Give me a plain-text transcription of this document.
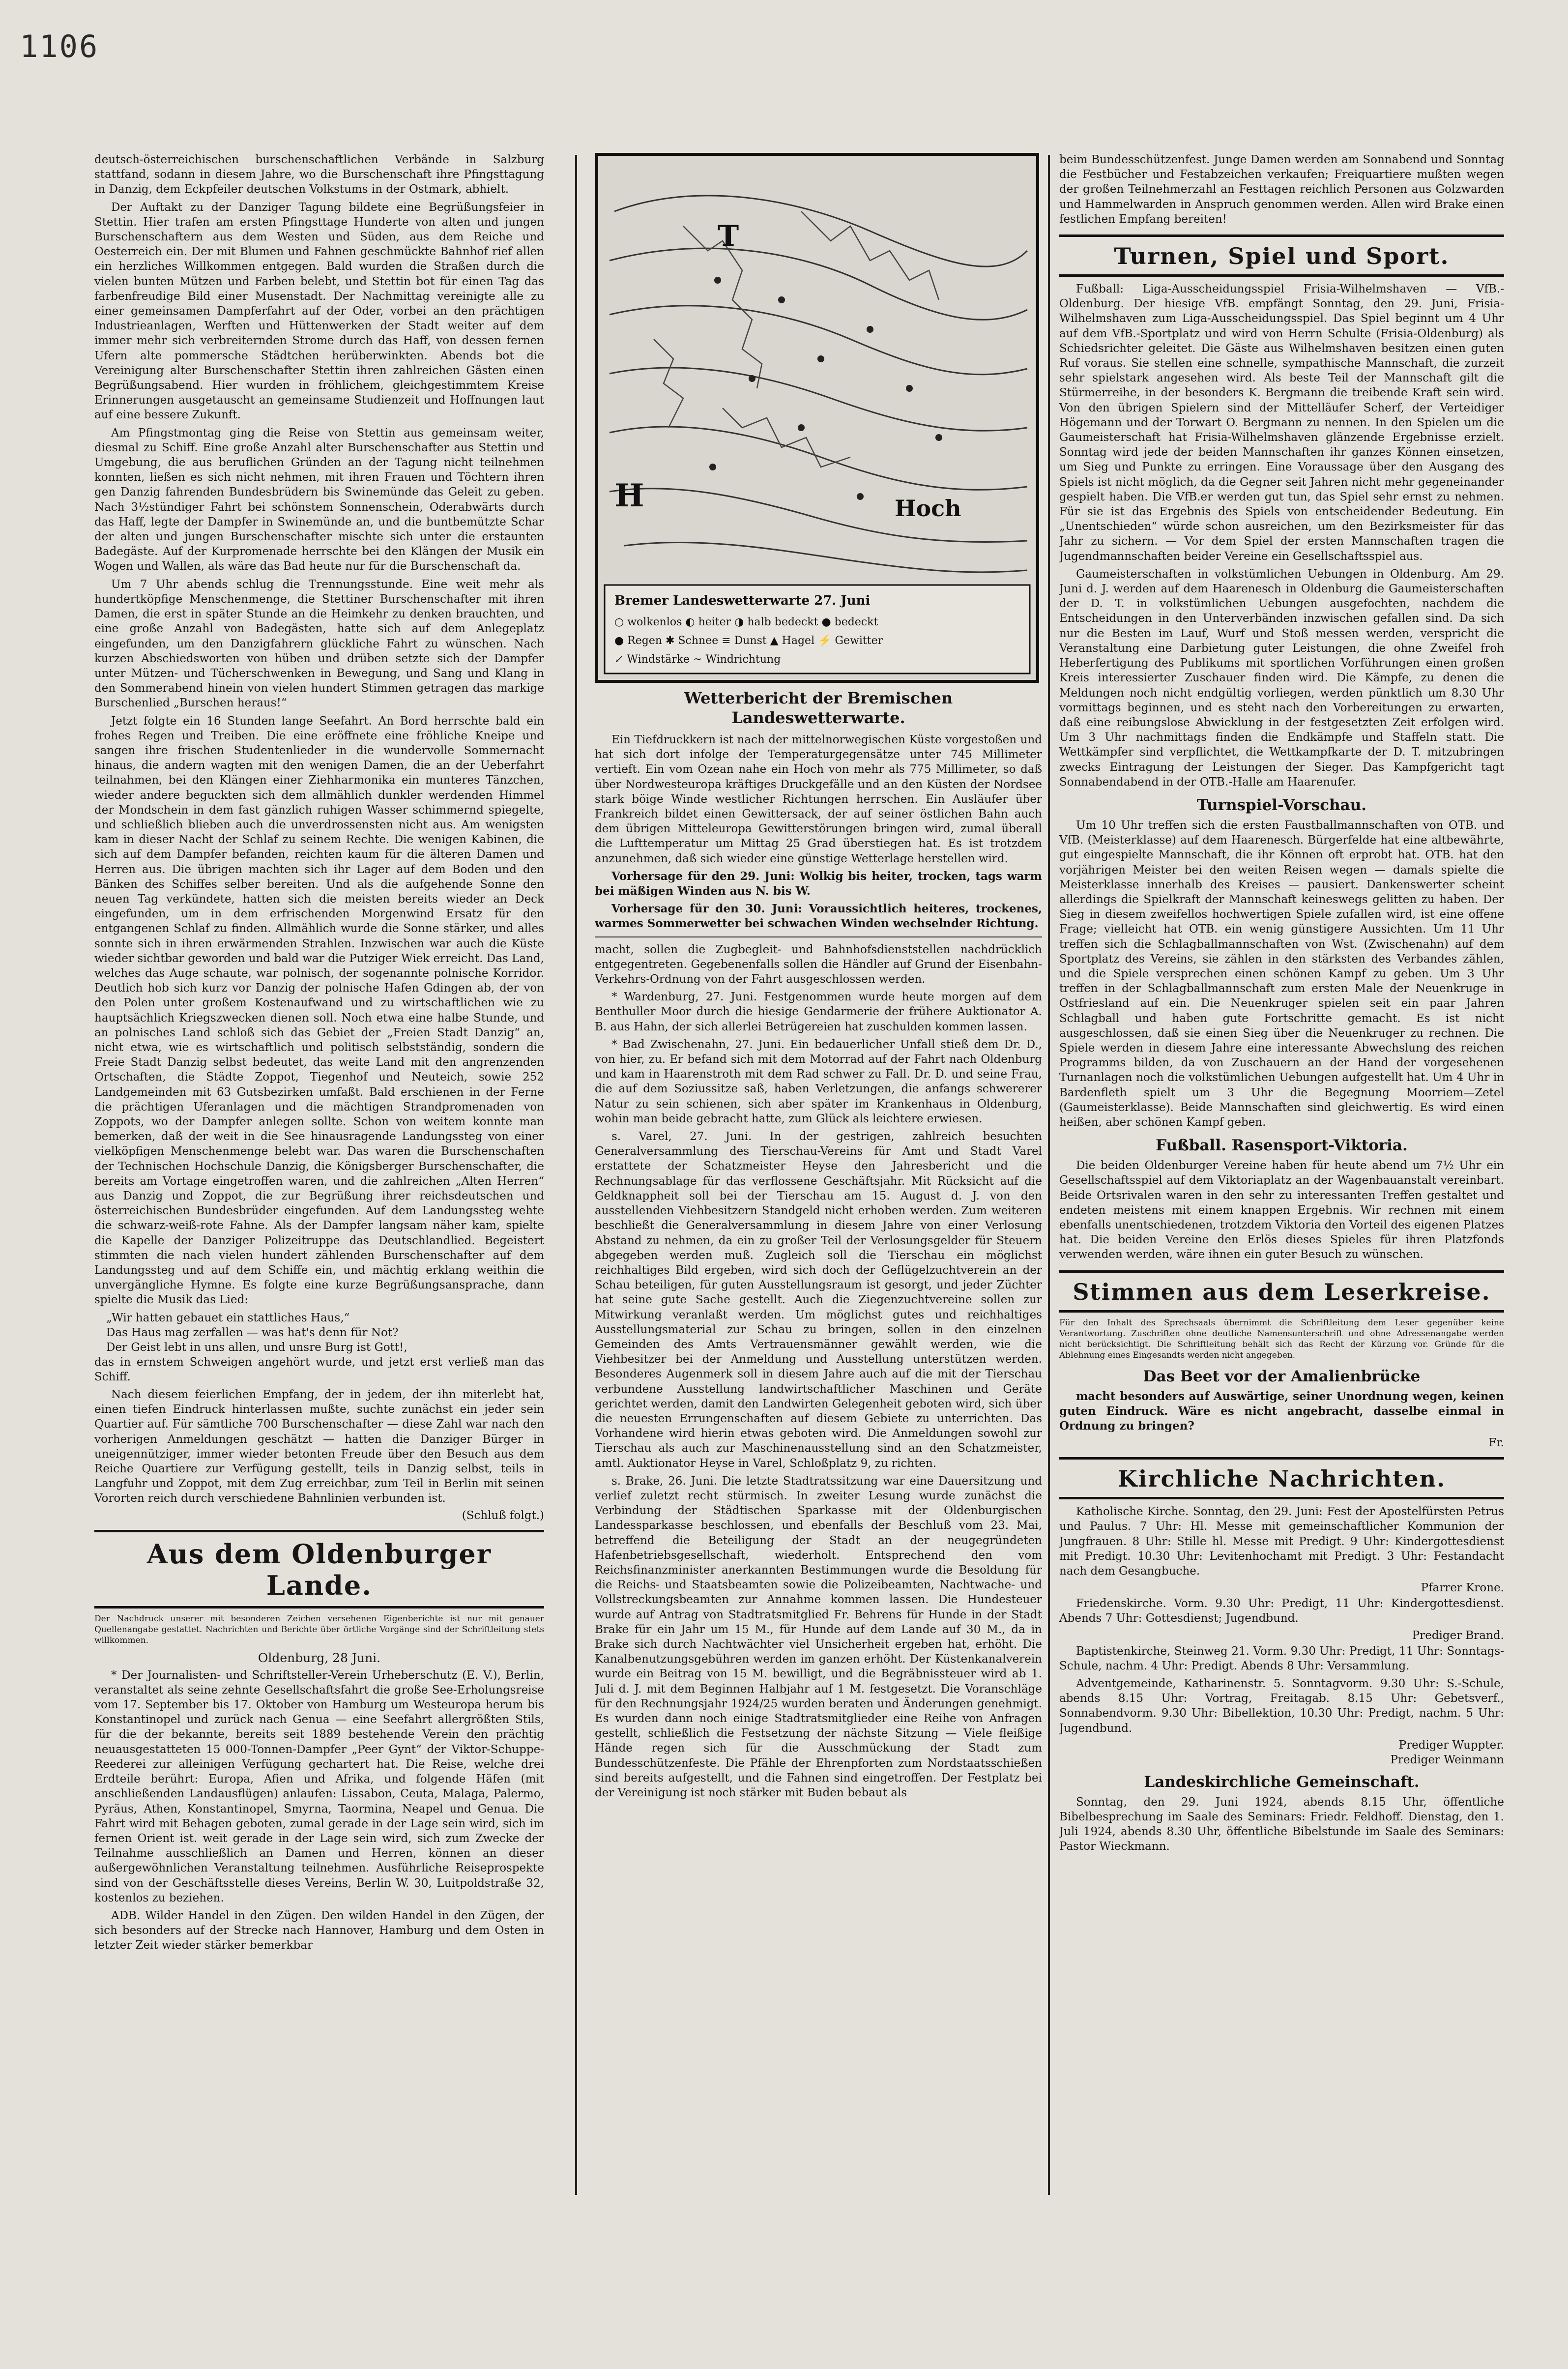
1106

deutsch-österreichischen burschenschaftlichen Verbände in Salzburg stattfand, sodann in diesem Jahre, wo die Burschenschaft ihre Pfingsttagung in Danzig, dem Eckpfeiler deutschen Volkstums in der Ostmark, abhielt.

Der Auftakt zu der Danziger Tagung bildete eine Begrüßungsfeier in Stettin. Hier trafen am ersten Pfingsttage Hunderte von alten und jungen Burschenschaftern aus dem Westen und Süden, aus dem Reiche und Oesterreich ein. Der mit Blumen und Fahnen geschmückte Bahnhof rief allen ein herzliches Willkommen entgegen. Bald wurden die Straßen durch die vielen bunten Mützen und Farben belebt, und Stettin bot für einen Tag das farbenfreudige Bild einer Musenstadt. Der Nachmittag vereinigte alle zu einer gemeinsamen Dampferfahrt auf der Oder, vorbei an den prächtigen Industrieanlagen, Werften und Hüttenwerken der Stadt weiter auf dem immer mehr sich verbreiternden Strome durch das Haff, von dessen fernen Ufern alte pommersche Städtchen herüberwinkten. Abends bot die Vereinigung alter Burschenschafter Stettin ihren zahlreichen Gästen einen Begrüßungsabend. Hier wurden in fröhlichem, gleichgestimmtem Kreise Erinnerungen ausgetauscht an gemeinsame Studienzeit und Hoffnungen laut auf eine bessere Zukunft.

Am Pfingstmontag ging die Reise von Stettin aus gemeinsam weiter, diesmal zu Schiff. Eine große Anzahl alter Burschenschafter aus Stettin und Umgebung, die aus beruflichen Gründen an der Tagung nicht teilnehmen konnten, ließen es sich nicht nehmen, mit ihren Frauen und Töchtern ihren gen Danzig fahrenden Bundesbrüdern bis Swinemünde das Geleit zu geben. Nach 3½stündiger Fahrt bei schönstem Sonnenschein, Oderabwärts durch das Haff, legte der Dampfer in Swinemünde an, und die buntbemützte Schar der alten und jungen Burschenschafter mischte sich unter die erstaunten Badegäste. Auf der Kurpromenade herrschte bei den Klängen der Musik ein Wogen und Wallen, als wäre das Bad heute nur für die Burschenschaft da.

Um 7 Uhr abends schlug die Trennungsstunde. Eine weit mehr als hundertköpfige Menschenmenge, die Stettiner Burschenschafter mit ihren Damen, die erst in später Stunde an die Heimkehr zu denken brauchten, und eine große Anzahl von Badegästen, hatte sich auf dem Anlegeplatz eingefunden, um den Danzigfahrern glückliche Fahrt zu wünschen. Nach kurzen Abschiedsworten von hüben und drüben setzte sich der Dampfer unter Mützen- und Tücherschwenken in Bewegung, und Sang und Klang in den Sommerabend hinein von vielen hundert Stimmen getragen das markige Burschenlied „Burschen heraus!“

Jetzt folgte ein 16 Stunden lange Seefahrt. An Bord herrschte bald ein frohes Regen und Treiben. Die eine eröffnete eine fröhliche Kneipe und sangen ihre frischen Studentenlieder in die wundervolle Sommernacht hinaus, die andern wagten mit den wenigen Damen, die an der Ueberfahrt teilnahmen, bei den Klängen einer Ziehharmonika ein munteres Tänzchen, wieder andere beguckten sich dem allmählich dunkler werdenden Himmel der Mondschein in dem fast gänzlich ruhigen Wasser schimmernd spiegelte, und schließlich blieben auch die unverdrossensten nicht aus. Am wenigsten kam in dieser Nacht der Schlaf zu seinem Rechte. Die wenigen Kabinen, die sich auf dem Dampfer befanden, reichten kaum für die älteren Damen und Herren aus. Die übrigen machten sich ihr Lager auf dem Boden und den Bänken des Schiffes selber bereiten. Und als die aufgehende Sonne den neuen Tag verkündete, hatten sich die meisten bereits wieder an Deck eingefunden, um in dem erfrischenden Morgenwind Ersatz für den entgangenen Schlaf zu finden. Allmählich wurde die Sonne stärker, und alles sonnte sich in ihren erwärmenden Strahlen. Inzwischen war auch die Küste wieder sichtbar geworden und bald war die Putziger Wiek erreicht. Das Land, welches das Auge schaute, war polnisch, der sogenannte polnische Korridor. Deutlich hob sich kurz vor Danzig der polnische Hafen Gdingen ab, der von den Polen unter großem Kostenaufwand und zu wirtschaftlichen wie zu hauptsächlich Kriegszwecken dienen soll. Noch etwa eine halbe Stunde, und an polnisches Land schloß sich das Gebiet der „Freien Stadt Danzig“ an, nicht etwa, wie es wirtschaftlich und politisch selbstständig, sondern die Freie Stadt Danzig selbst bedeutet, das weite Land mit den angrenzenden Ortschaften, die Städte Zoppot, Tiegenhof und Neuteich, sowie 252 Landgemeinden mit 63 Gutsbezirken umfaßt. Bald erschienen in der Ferne die prächtigen Uferanlagen und die mächtigen Strandpromenaden von Zoppots, wo der Dampfer anlegen sollte. Schon von weitem konnte man bemerken, daß der weit in die See hinausragende Landungssteg von einer vielköpfigen Menschenmenge belebt war. Das waren die Burschenschaften der Technischen Hochschule Danzig, die Königsberger Burschenschafter, die bereits am Vortage eingetroffen waren, und die zahlreichen „Alten Herren“ aus Danzig und Zoppot, die zur Begrüßung ihrer reichsdeutschen und österreichischen Bundesbrüder eingefunden. Auf dem Landungssteg wehte die schwarz-weiß-rote Fahne. Als der Dampfer langsam näher kam, spielte die Kapelle der Danziger Polizeitruppe das Deutschlandlied. Begeistert stimmten die nach vielen hundert zählenden Burschenschafter auf dem Landungssteg und auf dem Schiffe ein, und mächtig erklang weithin die unvergängliche Hymne. Es folgte eine kurze Begrüßungsansprache, dann spielte die Musik das Lied:

„Wir hatten gebauet ein stattliches Haus,“

Das Haus mag zerfallen — was hat's denn für Not?

Der Geist lebt in uns allen, und unsre Burg ist Gott!,

das in ernstem Schweigen angehört wurde, und jetzt erst verließ man das Schiff.

Nach diesem feierlichen Empfang, der in jedem, der ihn miterlebt hat, einen tiefen Eindruck hinterlassen mußte, suchte zunächst ein jeder sein Quartier auf. Für sämtliche 700 Burschenschafter — diese Zahl war nach den vorherigen Anmeldungen geschätzt — hatten die Danziger Bürger in uneigennütziger, immer wieder betonten Freude über den Besuch aus dem Reiche Quartiere zur Verfügung gestellt, teils in Danzig selbst, teils in Langfuhr und Zoppot, mit dem Zug erreichbar, zum Teil in Berlin mit seinen Vororten reich durch verschiedene Bahnlinien verbunden ist.

(Schluß folgt.)
Aus dem Oldenburger Lande.

Der Nachdruck unserer mit besonderen Zeichen versehenen Eigenberichte ist nur mit genauer Quellenangabe gestattet. Nachrichten und Berichte über örtliche Vorgänge sind der Schriftleitung stets willkommen.

Oldenburg, 28 Juni.

* Der Journalisten- und Schriftsteller-Verein Urheberschutz (E. V.), Berlin, veranstaltet als seine zehnte Gesellschaftsfahrt die große See-Erholungsreise vom 17. September bis 17. Oktober von Hamburg um Westeuropa herum bis Konstantinopel und zurück nach Genua — eine Seefahrt allergrößten Stils, für die der bekannte, bereits seit 1889 bestehende Verein den prächtig neuausgestatteten 15 000-Tonnen-Dampfer „Peer Gynt“ der Viktor-Schuppe-Reederei zur alleinigen Verfügung gechartert hat. Die Reise, welche drei Erdteile berührt: Europa, Afien und Afrika, und folgende Häfen (mit anschließenden Landausflügen) anlaufen: Lissabon, Ceuta, Malaga, Palermo, Pyräus, Athen, Konstantinopel, Smyrna, Taormina, Neapel und Genua. Die Fahrt wird mit Behagen geboten, zumal gerade in der Lage sein wird, sich im fernen Orient ist. weit gerade in der Lage sein wird, sich zum Zwecke der Teilnahme ausschließlich an Damen und Herren, können an dieser außergewöhnlichen Veranstaltung teilnehmen. Ausführliche Reiseprospekte sind von der Geschäftsstelle dieses Vereins, Berlin W. 30, Luitpoldstraße 32, kostenlos zu beziehen.

ADB. Wilder Handel in den Zügen. Den wilden Handel in den Zügen, der sich besonders auf der Strecke nach Hannover, Hamburg und dem Osten in letzter Zeit wieder stärker bemerkbar

T
H	Hoch
Bremer Landeswetterwarte 27. Juni
○ wolkenlos ◐ heiter ◑ halb bedeckt ● bedeckt
● Regen ✱ Schnee ≡ Dunst ▲ Hagel ⚡ Gewitter
↙ Windstärke ~ Windrichtung
Wetterbericht der Bremischen Landeswetterwarte.

Ein Tiefdruckkern ist nach der mittelnorwegischen Küste vorgestoßen und hat sich dort infolge der Temperaturgegensätze unter 745 Millimeter vertieft. Ein vom Ozean nahe ein Hoch von mehr als 775 Millimeter, so daß über Nordwesteuropa kräftiges Druckgefälle und an den Küsten der Nordsee stark böige Winde westlicher Richtungen herrschen. Ein Ausläufer über Frankreich bildet einen Gewittersack, der auf seiner östlichen Bahn auch dem übrigen Mitteleuropa Gewitterstörungen bringen wird, zumal überall die Lufttemperatur um Mittag 25 Grad überstiegen hat. Es ist trotzdem anzunehmen, daß sich wieder eine günstige Wetterlage herstellen wird.

Vorhersage für den 29. Juni: Wolkig bis heiter, trocken, tags warm bei mäßigen Winden aus N. bis W.

Vorhersage für den 30. Juni: Voraussichtlich heiteres, trockenes, warmes Sommerwetter bei schwachen Winden wechselnder Richtung.

macht, sollen die Zugbegleit- und Bahnhofsdienststellen nachdrücklich entgegentreten. Gegebenenfalls sollen die Händler auf Grund der Eisenbahn-Verkehrs-Ordnung von der Fahrt ausgeschlossen werden.

* Wardenburg, 27. Juni. Festgenommen wurde heute morgen auf dem Benthuller Moor durch die hiesige Gendarmerie der frühere Auktionator A. B. aus Hahn, der sich allerlei Betrügereien hat zuschulden kommen lassen.

* Bad Zwischenahn, 27. Juni. Ein bedauerlicher Unfall stieß dem Dr. D., von hier, zu. Er befand sich mit dem Motorrad auf der Fahrt nach Oldenburg und kam in Haarenstroth mit dem Rad schwer zu Fall. Dr. D. und seine Frau, die auf dem Soziussitze saß, haben Verletzungen, die anfangs schwererer Natur zu sein schienen, sich aber später im Krankenhaus in Oldenburg, wohin man beide gebracht hatte, zum Glück als leichtere erwiesen.

s. Varel, 27. Juni. In der gestrigen, zahlreich besuchten Generalversammlung des Tierschau-Vereins für Amt und Stadt Varel erstattete der Schatzmeister Heyse den Jahresbericht und die Rechnungsablage für das verflossene Geschäftsjahr. Mit Rücksicht auf die Geldknappheit soll bei der Tierschau am 15. August d. J. von den ausstellenden Viehbesitzern Standgeld nicht erhoben werden. Zum weiteren beschließt die Generalversammlung in diesem Jahre von einer Verlosung Abstand zu nehmen, da ein zu großer Teil der Verlosungsgelder für Steuern abgegeben werden muß. Zugleich soll die Tierschau ein möglichst reichhaltiges Bild ergeben, wird sich doch der Geflügelzuchtverein an der Schau beteiligen, für guten Ausstellungsraum ist gesorgt, und jeder Züchter hat seine gute Sache gestellt. Auch die Ziegenzuchtvereine sollen zur Mitwirkung veranlaßt werden. Um möglichst gutes und reichhaltiges Ausstellungsmaterial zur Schau zu bringen, sollen in den einzelnen Gemeinden des Amts Vertrauensmänner gewählt werden, wie die Viehbesitzer bei der Anmeldung und Ausstellung unterstützen werden. Besonderes Augenmerk soll in diesem Jahre auch auf die mit der Tierschau verbundene Ausstellung landwirtschaftlicher Maschinen und Geräte gerichtet werden, damit den Landwirten Gelegenheit geboten wird, sich über die neuesten Errungenschaften auf diesem Gebiete zu unterrichten. Das Vorhandene wird hierin etwas geboten wird. Die Anmeldungen sowohl zur Tierschau als auch zur Maschinenausstellung sind an den Schatzmeister, amtl. Auktionator Heyse in Varel, Schloßplatz 9, zu richten.

s. Brake, 26. Juni. Die letzte Stadtratssitzung war eine Dauersitzung und verlief zuletzt recht stürmisch. In zweiter Lesung wurde zunächst die Verbindung der Städtischen Sparkasse mit der Oldenburgischen Landessparkasse beschlossen, und ebenfalls der Beschluß vom 23. Mai, betreffend die Beteiligung der Stadt an der neugegründeten Hafenbetriebsgesellschaft, wiederholt. Entsprechend den vom Reichsfinanzminister anerkannten Bestimmungen wurde die Besoldung für die Reichs- und Staatsbeamten sowie die Polizeibeamten, Nachtwache- und Vollstreckungsbeamten zur Annahme kommen lassen. Die Hundesteuer wurde auf Antrag von Stadtratsmitglied Fr. Behrens für Hunde in der Stadt Brake für ein Jahr um 15 M., für Hunde auf dem Lande auf 30 M., da in Brake sich durch Nachtwächter viel Unsicherheit ergeben hat, erhöht. Die Kanalbenutzungsgebühren werden im ganzen erhöht. Der Küstenkanalverein wurde ein Beitrag von 15 M. bewilligt, und die Begräbnissteuer wird ab 1. Juli d. J. mit dem Beginnen Halbjahr auf 1 M. festgesetzt. Die Voranschläge für den Rechnungsjahr 1924/25 wurden beraten und Änderungen genehmigt. Es wurden dann noch einige Stadtratsmitglieder eine Reihe von Anfragen gestellt, schließlich die Festsetzung der nächste Sitzung — Viele fleißige Hände regen sich für die Ausschmückung der Stadt zum Bundesschützenfeste. Die Pfähle der Ehrenpforten zum Nordstaatsschießen sind bereits aufgestellt, und die Fahnen sind eingetroffen. Der Festplatz bei der Vereinigung ist noch stärker mit Buden bebaut als

beim Bundesschützenfest. Junge Damen werden am Sonnabend und Sonntag die Festbücher und Festabzeichen verkaufen; Freiquartiere mußten wegen der großen Teilnehmerzahl an Festtagen reichlich Personen aus Golzwarden und Hammelwarden in Anspruch genommen werden. Allen wird Brake einen festlichen Empfang bereiten!

Turnen, Spiel und Sport.

Fußball: Liga-Ausscheidungsspiel Frisia-Wilhelmshaven — VfB.-Oldenburg. Der hiesige VfB. empfängt Sonntag, den 29. Juni, Frisia-Wilhelmshaven zum Liga-Ausscheidungsspiel. Das Spiel beginnt um 4 Uhr auf dem VfB.-Sportplatz und wird von Herrn Schulte (Frisia-Oldenburg) als Schiedsrichter geleitet. Die Gäste aus Wilhelmshaven besitzen einen guten Ruf voraus. Sie stellen eine schnelle, sympathische Mannschaft, die zurzeit sehr spielstark angesehen wird. Als beste Teil der Mannschaft gilt die Stürmerreihe, in der besonders K. Bergmann die treibende Kraft sein wird. Von den übrigen Spielern sind der Mittelläufer Scherf, der Verteidiger Högemann und der Torwart O. Bergmann zu nennen. In den Spielen um die Gaumeisterschaft hat Frisia-Wilhelmshaven glänzende Ergebnisse erzielt. Sonntag wird jede der beiden Mannschaften ihr ganzes Können einsetzen, um Sieg und Punkte zu erringen. Eine Voraussage über den Ausgang des Spiels ist nicht möglich, da die Gegner seit Jahren nicht mehr gegeneinander gespielt haben. Die VfB.er werden gut tun, das Spiel sehr ernst zu nehmen. Für sie ist das Ergebnis des Spiels von entscheidender Bedeutung. Ein „Unentschieden“ würde schon ausreichen, um den Bezirksmeister für das Jahr zu sichern. — Vor dem Spiel der ersten Mannschaften tragen die Jugendmannschaften beider Vereine ein Gesellschaftsspiel aus.

Gaumeisterschaften in volkstümlichen Uebungen in Oldenburg. Am 29. Juni d. J. werden auf dem Haarenesch in Oldenburg die Gaumeisterschaften der D. T. in volkstümlichen Uebungen ausgefochten, nachdem die Entscheidungen in den Unterverbänden inzwischen gefallen sind. Da sich nur die Besten im Lauf, Wurf und Stoß messen werden, verspricht die Veranstaltung eine Darbietung guter Leistungen, die ohne Zweifel froh Heberfertigung des Publikums mit sportlichen Vorführungen einen großen Kreis interessierter Zuschauer finden wird. Die Kämpfe, zu denen die Meldungen noch nicht endgültig vorliegen, werden pünktlich um 8.30 Uhr vormittags beginnen, und es steht nach den Vorbereitungen zu erwarten, daß eine reibungslose Abwicklung in der festgesetzten Zeit erfolgen wird. Um 3 Uhr nachmittags finden die Endkämpfe und Staffeln statt. Die Wettkämpfer sind verpflichtet, die Wettkampfkarte der D. T. mitzubringen zwecks Eintragung der Leistungen der Sieger. Das Kampfgericht tagt Sonnabendabend in der OTB.-Halle am Haarenufer.

Turnspiel-Vorschau.

Um 10 Uhr treffen sich die ersten Faustballmannschaften von OTB. und VfB. (Meisterklasse) auf dem Haarenesch. Bürgerfelde hat eine altbewährte, gut eingespielte Mannschaft, die ihr Können oft erprobt hat. OTB. hat den vorjährigen Meister bei den weiten Reisen wegen — damals spielte die Meisterklasse innerhalb des Kreises — pausiert. Dankenswerter scheint allerdings die Spielkraft der Mannschaft keineswegs gelitten zu haben. Der Sieg in diesem zweifellos hochwertigen Spiele zufallen wird, ist eine offene Frage; vielleicht hat OTB. ein wenig günstigere Aussichten. Um 11 Uhr treffen sich die Schlagballmannschaften von Wst. (Zwischenahn) auf dem Sportplatz des Vereins, sie zählen in den stärksten des Verbandes zählen, und die Spiele versprechen einen schönen Kampf zu geben. Um 3 Uhr treffen in der Schlagballmannschaft zum ersten Male der Neuenkruge in Ostfriesland auf ein. Die Neuenkruger spielen seit ein paar Jahren Schlagball und haben gute Fortschritte gemacht. Es ist nicht ausgeschlossen, daß sie einen Sieg über die Neuenkruger zu rechnen. Die Spiele werden in diesem Jahre eine interessante Abwechslung des reichen Programms bilden, da von Zuschauern an der Hand der vorgesehenen Turnanlagen noch die volkstümlichen Uebungen aufgestellt hat. Um 4 Uhr in Bardenfleth spielt um 3 Uhr die Begegnung Moorriem—Zetel (Gaumeisterklasse). Beide Mannschaften sind gleichwertig. Es wird einen heißen, aber schönen Kampf geben.

Fußball. Rasensport-Viktoria.

Die beiden Oldenburger Vereine haben für heute abend um 7½ Uhr ein Gesellschaftsspiel auf dem Viktoriaplatz an der Wagenbauanstalt vereinbart. Beide Ortsrivalen waren in den sehr zu interessanten Treffen gestaltet und endeten meistens mit einem knappen Ergebnis. Wir rechnen mit einem ebenfalls unentschiedenen, trotzdem Viktoria den Vorteil des eigenen Platzes hat. Die beiden Vereine den Erlös dieses Spieles für ihren Platzfonds verwenden werden, wäre ihnen ein guter Besuch zu wünschen.

Stimmen aus dem Leserkreise.

Für den Inhalt des Sprechsaals übernimmt die Schriftleitung dem Leser gegenüber keine Verantwortung. Zuschriften ohne deutliche Namensunterschrift und ohne Adressenangabe werden nicht berücksichtigt. Die Schriftleitung behält sich das Recht der Kürzung vor. Gründe für die Ablehnung eines Eingesandts werden nicht angegeben.

Das Beet vor der Amalienbrücke

macht besonders auf Auswärtige, seiner Unordnung wegen, keinen guten Eindruck. Wäre es nicht angebracht, dasselbe einmal in Ordnung zu bringen?

Fr.
Kirchliche Nachrichten.

Katholische Kirche. Sonntag, den 29. Juni: Fest der Apostelfürsten Petrus und Paulus. 7 Uhr: Hl. Messe mit gemeinschaftlicher Kommunion der Jungfrauen. 8 Uhr: Stille hl. Messe mit Predigt. 9 Uhr: Kindergottesdienst mit Predigt. 10.30 Uhr: Levitenhochamt mit Predigt. 3 Uhr: Festandacht nach dem Gesangbuche.

Pfarrer Krone.

Friedenskirche. Vorm. 9.30 Uhr: Predigt, 11 Uhr: Kindergottesdienst. Abends 7 Uhr: Gottesdienst; Jugendbund.

Prediger Brand.

Baptistenkirche, Steinweg 21. Vorm. 9.30 Uhr: Predigt, 11 Uhr: Sonntags-Schule, nachm. 4 Uhr: Predigt. Abends 8 Uhr: Versammlung.

Adventgemeinde, Katharinenstr. 5. Sonntagvorm. 9.30 Uhr: S.-Schule, abends 8.15 Uhr: Vortrag, Freitagab. 8.15 Uhr: Gebetsverf., Sonnabendvorm. 9.30 Uhr: Bibellektion, 10.30 Uhr: Predigt, nachm. 5 Uhr: Jugendbund.

Prediger Wuppter.
Prediger Weinmann
Landeskirchliche Gemeinschaft.

Sonntag, den 29. Juni 1924, abends 8.15 Uhr, öffentliche Bibelbesprechung im Saale des Seminars: Friedr. Feldhoff. Dienstag, den 1. Juli 1924, abends 8.30 Uhr, öffentliche Bibelstunde im Saale des Seminars: Pastor Wieckmann.
